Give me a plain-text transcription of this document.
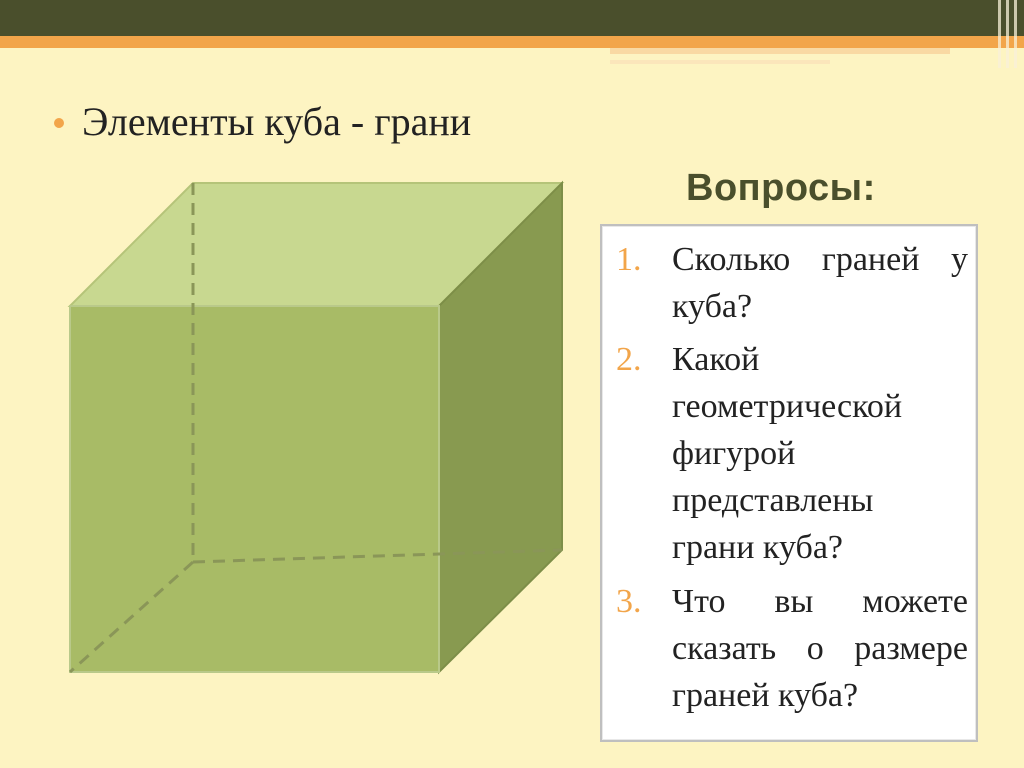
Элементы куба - грани
Вопросы:
1. Сколько граней у
куба?
2. Какой
геометрической
фигурой
представлены
грани куба?
3. Что вы можете
сказать о размере
граней куба?
